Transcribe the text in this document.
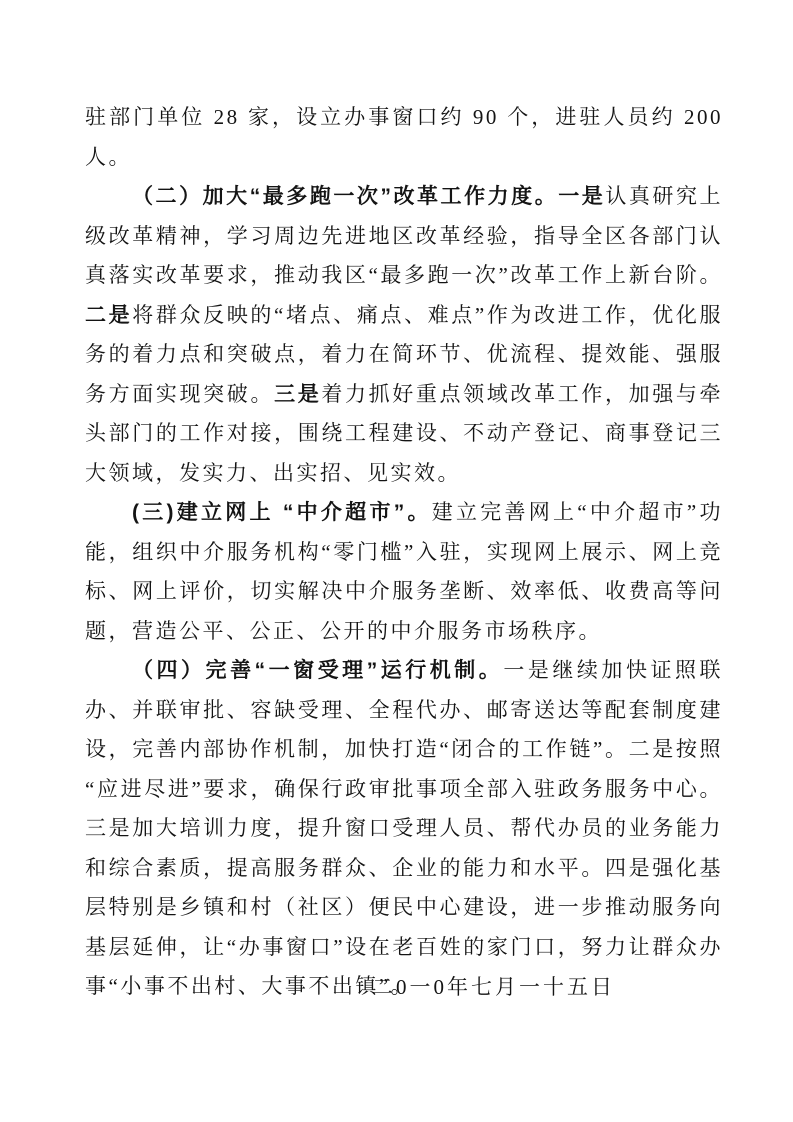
驻部门单位 28 家，设立办事窗口约 90 个，进驻人员约 200 人。

（二）加大“最多跑一次”改革工作力度。一是认真研究上级改革精神，学习周边先进地区改革经验，指导全区各部门认真落实改革要求，推动我区“最多跑一次”改革工作上新台阶。二是将群众反映的“堵点、痛点、难点”作为改进工作，优化服务的着力点和突破点，着力在简环节、优流程、提效能、强服务方面实现突破。三是着力抓好重点领域改革工作，加强与牵头部门的工作对接，围绕工程建设、不动产登记、商事登记三大领域，发实力、出实招、见实效。

(三)建立网上 “中介超市”。建立完善网上“中介超市”功能，组织中介服务机构“零门槛”入驻，实现网上展示、网上竞标、网上评价，切实解决中介服务垄断、效率低、收费高等问题，营造公平、公正、公开的中介服务市场秩序。

（四）完善“一窗受理”运行机制。一是继续加快证照联办、并联审批、容缺受理、全程代办、邮寄送达等配套制度建设，完善内部协作机制，加快打造“闭合的工作链”。二是按照“应进尽进”要求，确保行政审批事项全部入驻政务服务中心。三是加大培训力度，提升窗口受理人员、帮代办员的业务能力和综合素质，提高服务群众、企业的能力和水平。四是强化基层特别是乡镇和村（社区）便民中心建设，进一步推动服务向基层延伸，让“办事窗口”设在老百姓的家门口，努力让群众办事“小事不出村、大事不出镇”。

二0一0年七月一十五日
